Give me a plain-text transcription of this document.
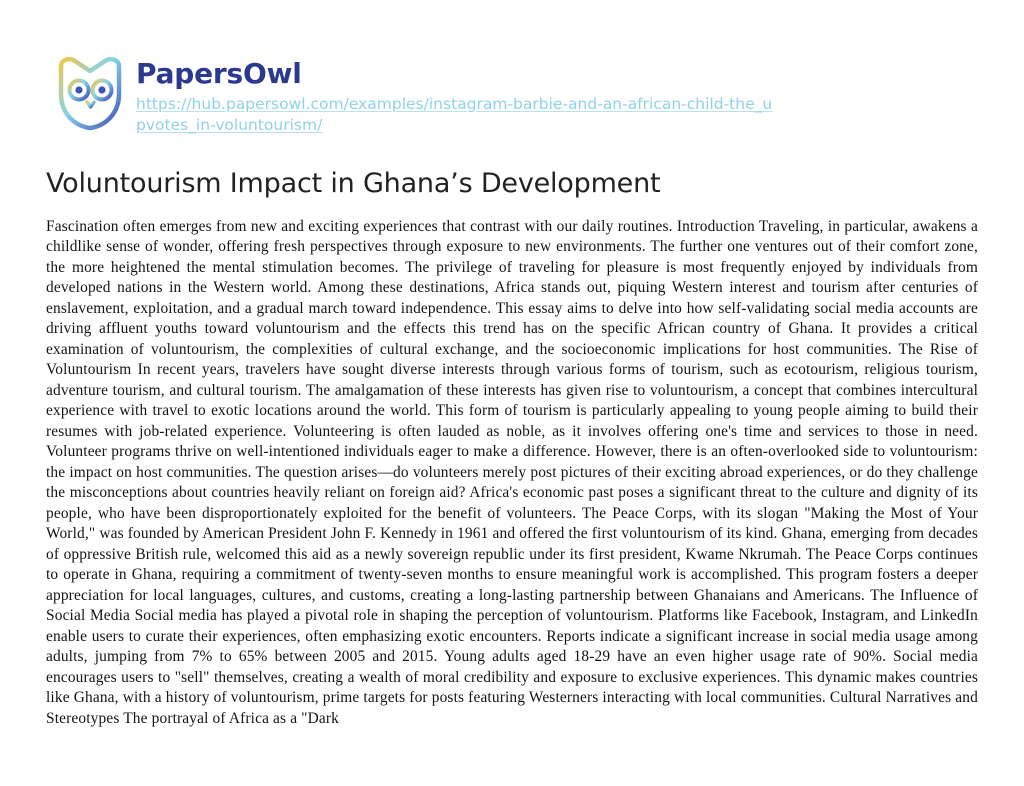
PapersOwl
https://hub.papersowl.com/examples/instagram-barbie-and-an-african-child-the_upvotes_in-voluntourism/
Voluntourism Impact in Ghana’s Development

Fascination often emerges from new and exciting experiences that contrast with our daily routines. Introduction Traveling, in particular, awakens a childlike sense of wonder, offering fresh perspectives through exposure to new environments. The further one ventures out of their comfort zone, the more heightened the mental stimulation becomes. The privilege of traveling for pleasure is most frequently enjoyed by individuals from developed nations in the Western world. Among these destinations, Africa stands out, piquing Western interest and tourism after centuries of enslavement, exploitation, and a gradual march toward independence. This essay aims to delve into how self-validating social media accounts are driving affluent youths toward voluntourism and the effects this trend has on the specific African country of Ghana. It provides a critical examination of voluntourism, the complexities of cultural exchange, and the socioeconomic implications for host communities. The Rise of Voluntourism In recent years, travelers have sought diverse interests through various forms of tourism, such as ecotourism, religious tourism, adventure tourism, and cultural tourism. The amalgamation of these interests has given rise to voluntourism, a concept that combines intercultural experience with travel to exotic locations around the world. This form of tourism is particularly appealing to young people aiming to build their resumes with job-related experience. Volunteering is often lauded as noble, as it involves offering one's time and services to those in need. Volunteer programs thrive on well-intentioned individuals eager to make a difference. However, there is an often-overlooked side to voluntourism: the impact on host communities. The question arises—do volunteers merely post pictures of their exciting abroad experiences, or do they challenge the misconceptions about countries heavily reliant on foreign aid? Africa's economic past poses a significant threat to the culture and dignity of its people, who have been disproportionately exploited for the benefit of volunteers. The Peace Corps, with its slogan "Making the Most of Your World," was founded by American President John F. Kennedy in 1961 and offered the first voluntourism of its kind. Ghana, emerging from decades of oppressive British rule, welcomed this aid as a newly sovereign republic under its first president, Kwame Nkrumah. The Peace Corps continues to operate in Ghana, requiring a commitment of twenty-seven months to ensure meaningful work is accomplished. This program fosters a deeper appreciation for local languages, cultures, and customs, creating a long-lasting partnership between Ghanaians and Americans. The Influence of Social Media Social media has played a pivotal role in shaping the perception of voluntourism. Platforms like Facebook, Instagram, and LinkedIn enable users to curate their experiences, often emphasizing exotic encounters. Reports indicate a significant increase in social media usage among adults, jumping from 7% to 65% between 2005 and 2015. Young adults aged 18-29 have an even higher usage rate of 90%. Social media encourages users to "sell" themselves, creating a wealth of moral credibility and exposure to exclusive experiences. This dynamic makes countries like Ghana, with a history of voluntourism, prime targets for posts featuring Westerners interacting with local communities. Cultural Narratives and Stereotypes The portrayal of Africa as a "Dark
